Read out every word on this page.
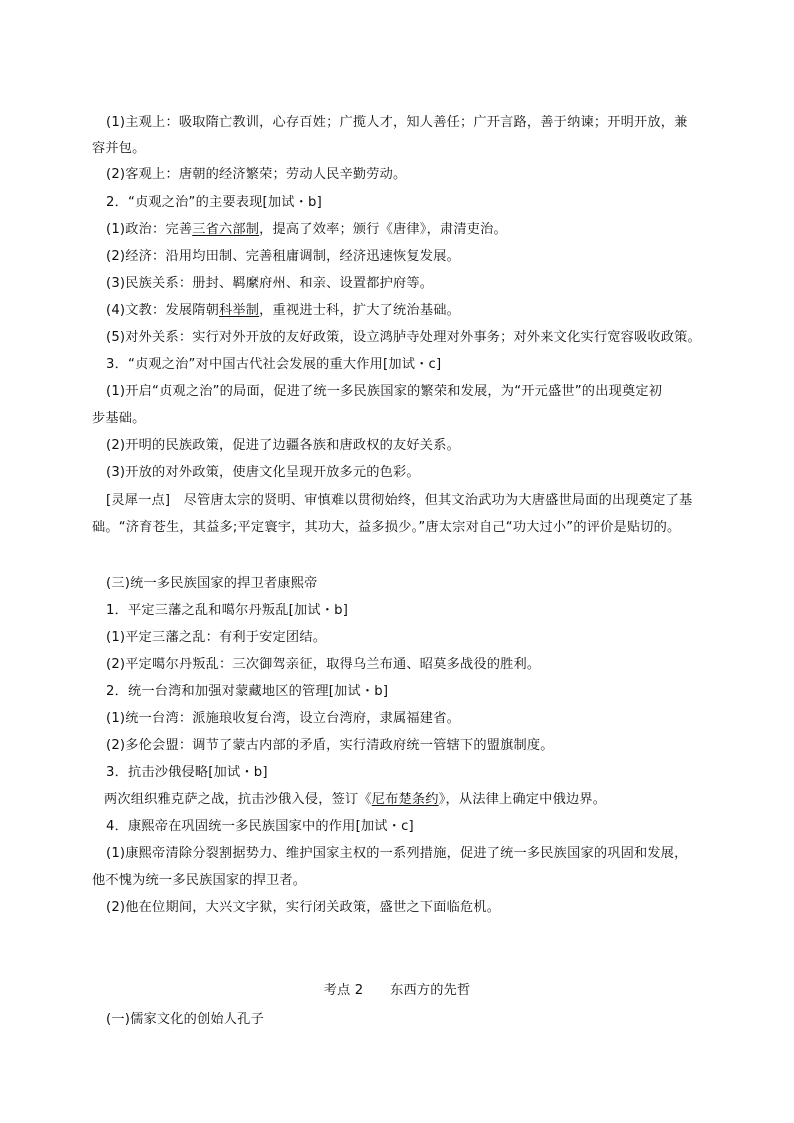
(1)主观上：吸取隋亡教训，心存百姓；广揽人才，知人善任；广开言路，善于纳谏；开明开放，兼
容并包。
(2)客观上：唐朝的经济繁荣；劳动人民辛勤劳动。
2．“贞观之治”的主要表现[加试・b]
(1)政治：完善三省六部制，提高了效率；颁行《唐律》，肃清吏治。
(2)经济：沿用均田制、完善租庸调制，经济迅速恢复发展。
(3)民族关系：册封、羁縻府州、和亲、设置都护府等。
(4)文教：发展隋朝科举制，重视进士科，扩大了统治基础。
(5)对外关系：实行对外开放的友好政策，设立鸿胪寺处理对外事务；对外来文化实行宽容吸收政策。
3．“贞观之治”对中国古代社会发展的重大作用[加试・c]
(1)开启“贞观之治”的局面，促进了统一多民族国家的繁荣和发展，为“开元盛世”的出现奠定初
步基础。
(2)开明的民族政策，促进了边疆各族和唐政权的友好关系。
(3)开放的对外政策，使唐文化呈现开放多元的色彩。
[灵犀一点]　尽管唐太宗的贤明、审慎难以贯彻始终，但其文治武功为大唐盛世局面的出现奠定了基
础。“济育苍生，其益多;平定寰宇，其功大，益多损少。”唐太宗对自己“功大过小”的评价是贴切的。
(三)统一多民族国家的捍卫者康熙帝
1．平定三藩之乱和噶尔丹叛乱[加试・b]
(1)平定三藩之乱：有利于安定团结。
(2)平定噶尔丹叛乱：三次御驾亲征，取得乌兰布通、昭莫多战役的胜利。
2．统一台湾和加强对蒙藏地区的管理[加试・b]
(1)统一台湾：派施琅收复台湾，设立台湾府，隶属福建省。
(2)多伦会盟：调节了蒙古内部的矛盾，实行清政府统一管辖下的盟旗制度。
3．抗击沙俄侵略[加试・b]
两次组织雅克萨之战，抗击沙俄入侵，签订《尼布楚条约》，从法律上确定中俄边界。
4．康熙帝在巩固统一多民族国家中的作用[加试・c]
(1)康熙帝清除分裂割据势力、维护国家主权的一系列措施，促进了统一多民族国家的巩固和发展，
他不愧为统一多民族国家的捍卫者。
(2)他在位期间，大兴文字狱，实行闭关政策，盛世之下面临危机。
考点 2　　东西方的先哲
(一)儒家文化的创始人孔子
